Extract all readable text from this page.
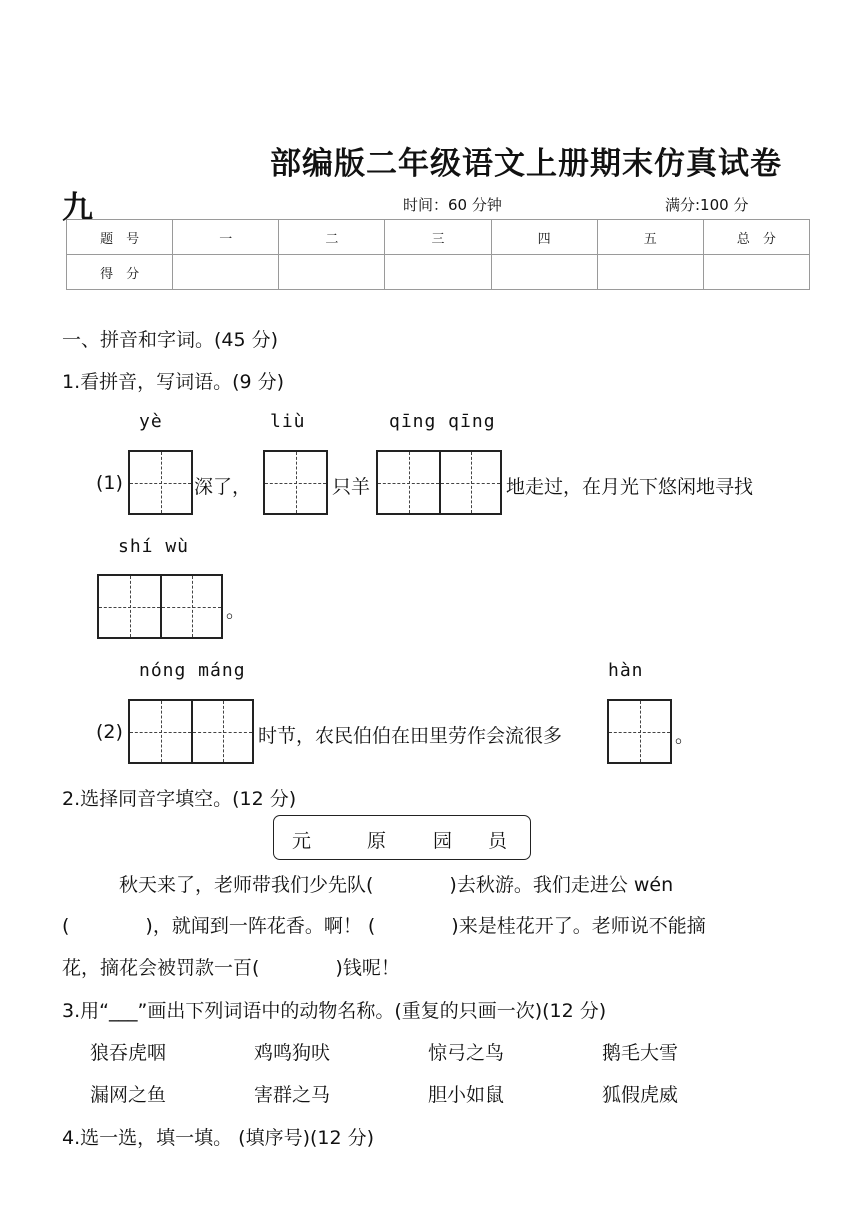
部编版二年级语文上册期末仿真试卷
九	时间：60 分钟	满分:100 分
题　号	一	二	三	四	五	总　分
得　分						
一、拼音和字词。(45 分)
1.看拼音，写词语。(9 分)
yè	liù	qīng qīng
(1)	深了，	只羊	地走过，在月光下悠闲地寻找
shí wù
。
nóng máng	hàn
(2)	时节，农民伯伯在田里劳作会流很多	。
2.选择同音字填空。(12 分)
元	原 园 员
秋天来了，老师带我们少先队(　　　　)去秋游。我们走进公 wén
(　　　　)，就闻到一阵花香。啊！ (　　　　)来是桂花开了。老师说不能摘
花，摘花会被罚款一百(　　　　)钱呢！
3.用“___”画出下列词语中的动物名称。(重复的只画一次)(12 分)
狼吞虎咽	鸡鸣狗吠	惊弓之鸟	鹅毛大雪
漏网之鱼	害群之马	胆小如鼠	狐假虎威
4.选一选，填一填。 (填序号)(12 分)
